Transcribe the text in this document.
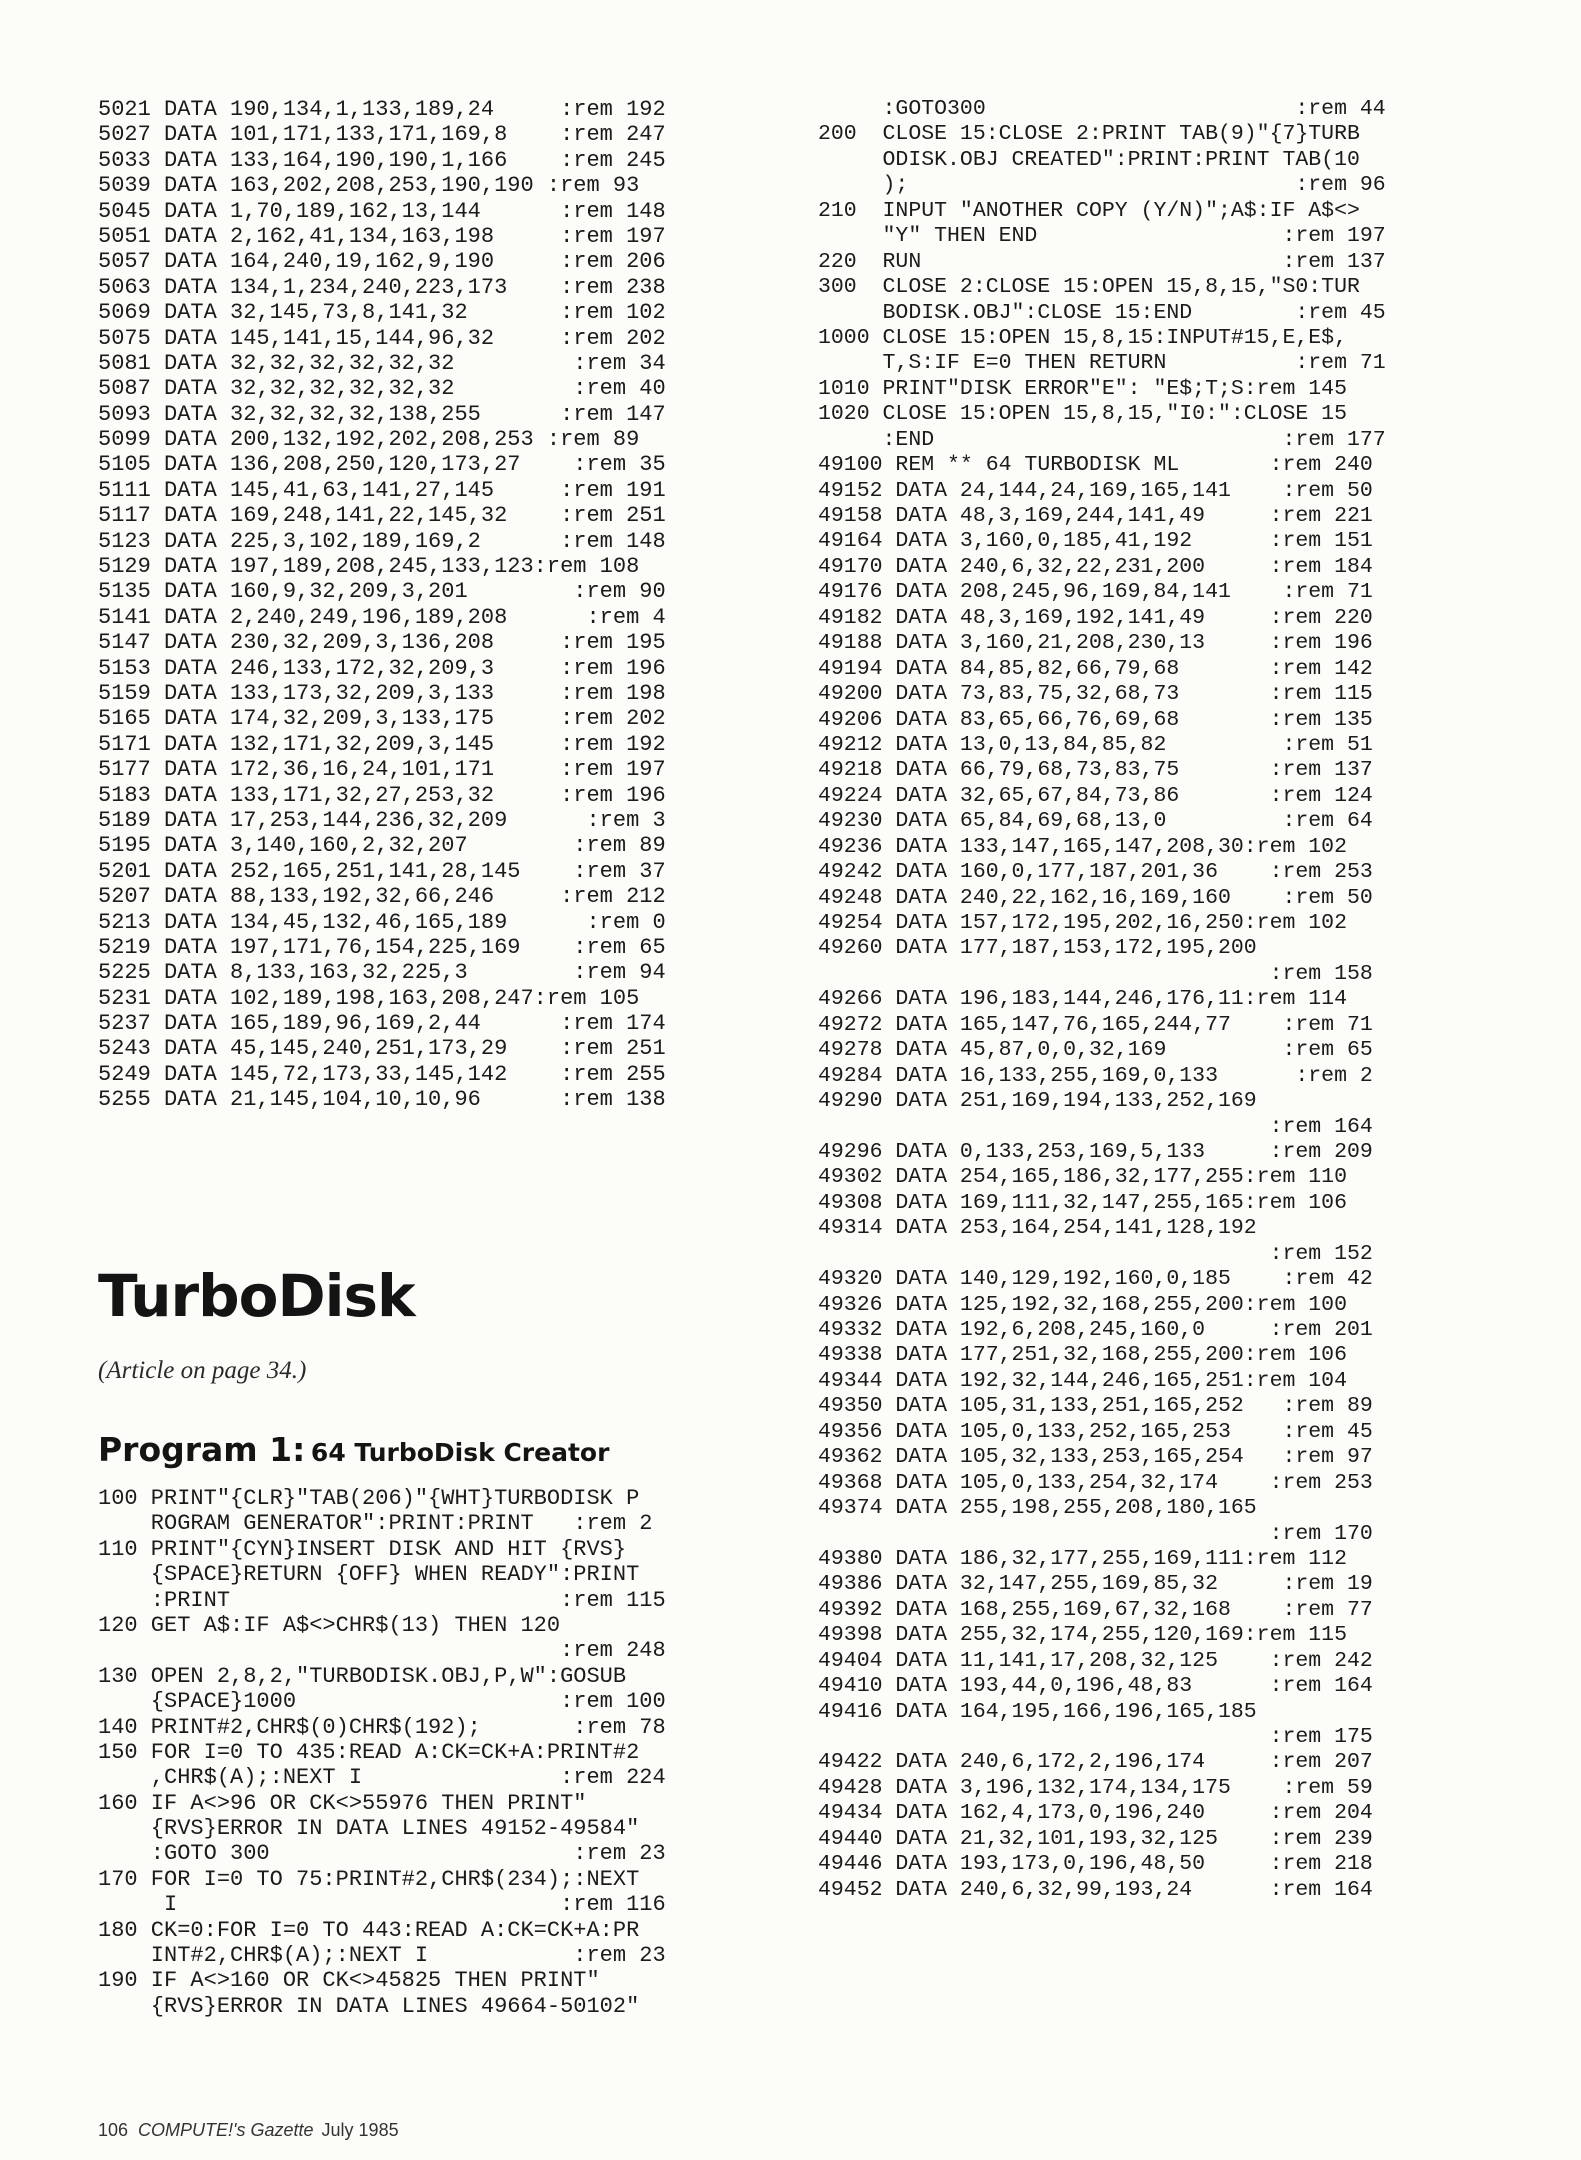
5021 DATA 190,134,1,133,189,24     :rem 192
5027 DATA 101,171,133,171,169,8    :rem 247
5033 DATA 133,164,190,190,1,166    :rem 245
5039 DATA 163,202,208,253,190,190 :rem 93
5045 DATA 1,70,189,162,13,144      :rem 148
5051 DATA 2,162,41,134,163,198     :rem 197
5057 DATA 164,240,19,162,9,190     :rem 206
5063 DATA 134,1,234,240,223,173    :rem 238
5069 DATA 32,145,73,8,141,32       :rem 102
5075 DATA 145,141,15,144,96,32     :rem 202
5081 DATA 32,32,32,32,32,32         :rem 34
5087 DATA 32,32,32,32,32,32         :rem 40
5093 DATA 32,32,32,32,138,255      :rem 147
5099 DATA 200,132,192,202,208,253 :rem 89
5105 DATA 136,208,250,120,173,27    :rem 35
5111 DATA 145,41,63,141,27,145     :rem 191
5117 DATA 169,248,141,22,145,32    :rem 251
5123 DATA 225,3,102,189,169,2      :rem 148
5129 DATA 197,189,208,245,133,123:rem 108
5135 DATA 160,9,32,209,3,201        :rem 90
5141 DATA 2,240,249,196,189,208      :rem 4
5147 DATA 230,32,209,3,136,208     :rem 195
5153 DATA 246,133,172,32,209,3     :rem 196
5159 DATA 133,173,32,209,3,133     :rem 198
5165 DATA 174,32,209,3,133,175     :rem 202
5171 DATA 132,171,32,209,3,145     :rem 192
5177 DATA 172,36,16,24,101,171     :rem 197
5183 DATA 133,171,32,27,253,32     :rem 196
5189 DATA 17,253,144,236,32,209      :rem 3
5195 DATA 3,140,160,2,32,207        :rem 89
5201 DATA 252,165,251,141,28,145    :rem 37
5207 DATA 88,133,192,32,66,246     :rem 212
5213 DATA 134,45,132,46,165,189      :rem 0
5219 DATA 197,171,76,154,225,169    :rem 65
5225 DATA 8,133,163,32,225,3        :rem 94
5231 DATA 102,189,198,163,208,247:rem 105
5237 DATA 165,189,96,169,2,44      :rem 174
5243 DATA 45,145,240,251,173,29    :rem 251
5249 DATA 145,72,173,33,145,142    :rem 255
5255 DATA 21,145,104,10,10,96      :rem 138
TurboDisk
(Article on page 34.)
Program 1: 64 TurboDisk Creator
100 PRINT"{CLR}"TAB(206)"{WHT}TURBODISK P
ROGRAM GENERATOR":PRINT:PRINT   :rem 2
110 PRINT"{CYN}INSERT DISK AND HIT {RVS}
{SPACE}RETURN {OFF} WHEN READY":PRINT
:PRINT                         :rem 115
120 GET A$:IF A$<>CHR$(13) THEN 120
:rem 248
130 OPEN 2,8,2,"TURBODISK.OBJ,P,W":GOSUB
{SPACE}1000                    :rem 100
140 PRINT#2,CHR$(0)CHR$(192);       :rem 78
150 FOR I=0 TO 435:READ A:CK=CK+A:PRINT#2
,CHR$(A);:NEXT I               :rem 224
160 IF A<>96 OR CK<>55976 THEN PRINT"
{RVS}ERROR IN DATA LINES 49152-49584"
:GOTO 300                       :rem 23
170 FOR I=0 TO 75:PRINT#2,CHR$(234);:NEXT
I                             :rem 116
180 CK=0:FOR I=0 TO 443:READ A:CK=CK+A:PR
INT#2,CHR$(A);:NEXT I           :rem 23
190 IF A<>160 OR CK<>45825 THEN PRINT"
{RVS}ERROR IN DATA LINES 49664-50102"
106 COMPUTE!'s Gazette July 1985
:GOTO300                        :rem 44
200  CLOSE 15:CLOSE 2:PRINT TAB(9)"{7}TURB
ODISK.OBJ CREATED":PRINT:PRINT TAB(10
);                              :rem 96
210  INPUT "ANOTHER COPY (Y/N)";A$:IF A$<>
"Y" THEN END                   :rem 197
220  RUN                            :rem 137
300  CLOSE 2:CLOSE 15:OPEN 15,8,15,"S0:TUR
BODISK.OBJ":CLOSE 15:END        :rem 45
1000 CLOSE 15:OPEN 15,8,15:INPUT#15,E,E$,
T,S:IF E=0 THEN RETURN          :rem 71
1010 PRINT"DISK ERROR"E": "E$;T;S:rem 145
1020 CLOSE 15:OPEN 15,8,15,"I0:":CLOSE 15
:END                           :rem 177
49100 REM ** 64 TURBODISK ML       :rem 240
49152 DATA 24,144,24,169,165,141    :rem 50
49158 DATA 48,3,169,244,141,49     :rem 221
49164 DATA 3,160,0,185,41,192      :rem 151
49170 DATA 240,6,32,22,231,200     :rem 184
49176 DATA 208,245,96,169,84,141    :rem 71
49182 DATA 48,3,169,192,141,49     :rem 220
49188 DATA 3,160,21,208,230,13     :rem 196
49194 DATA 84,85,82,66,79,68       :rem 142
49200 DATA 73,83,75,32,68,73       :rem 115
49206 DATA 83,65,66,76,69,68       :rem 135
49212 DATA 13,0,13,84,85,82         :rem 51
49218 DATA 66,79,68,73,83,75       :rem 137
49224 DATA 32,65,67,84,73,86       :rem 124
49230 DATA 65,84,69,68,13,0         :rem 64
49236 DATA 133,147,165,147,208,30:rem 102
49242 DATA 160,0,177,187,201,36    :rem 253
49248 DATA 240,22,162,16,169,160    :rem 50
49254 DATA 157,172,195,202,16,250:rem 102
49260 DATA 177,187,153,172,195,200
:rem 158
49266 DATA 196,183,144,246,176,11:rem 114
49272 DATA 165,147,76,165,244,77    :rem 71
49278 DATA 45,87,0,0,32,169         :rem 65
49284 DATA 16,133,255,169,0,133      :rem 2
49290 DATA 251,169,194,133,252,169
:rem 164
49296 DATA 0,133,253,169,5,133     :rem 209
49302 DATA 254,165,186,32,177,255:rem 110
49308 DATA 169,111,32,147,255,165:rem 106
49314 DATA 253,164,254,141,128,192
:rem 152
49320 DATA 140,129,192,160,0,185    :rem 42
49326 DATA 125,192,32,168,255,200:rem 100
49332 DATA 192,6,208,245,160,0     :rem 201
49338 DATA 177,251,32,168,255,200:rem 106
49344 DATA 192,32,144,246,165,251:rem 104
49350 DATA 105,31,133,251,165,252   :rem 89
49356 DATA 105,0,133,252,165,253    :rem 45
49362 DATA 105,32,133,253,165,254   :rem 97
49368 DATA 105,0,133,254,32,174    :rem 253
49374 DATA 255,198,255,208,180,165
:rem 170
49380 DATA 186,32,177,255,169,111:rem 112
49386 DATA 32,147,255,169,85,32     :rem 19
49392 DATA 168,255,169,67,32,168    :rem 77
49398 DATA 255,32,174,255,120,169:rem 115
49404 DATA 11,141,17,208,32,125    :rem 242
49410 DATA 193,44,0,196,48,83      :rem 164
49416 DATA 164,195,166,196,165,185
:rem 175
49422 DATA 240,6,172,2,196,174     :rem 207
49428 DATA 3,196,132,174,134,175    :rem 59
49434 DATA 162,4,173,0,196,240     :rem 204
49440 DATA 21,32,101,193,32,125    :rem 239
49446 DATA 193,173,0,196,48,50     :rem 218
49452 DATA 240,6,32,99,193,24      :rem 164
